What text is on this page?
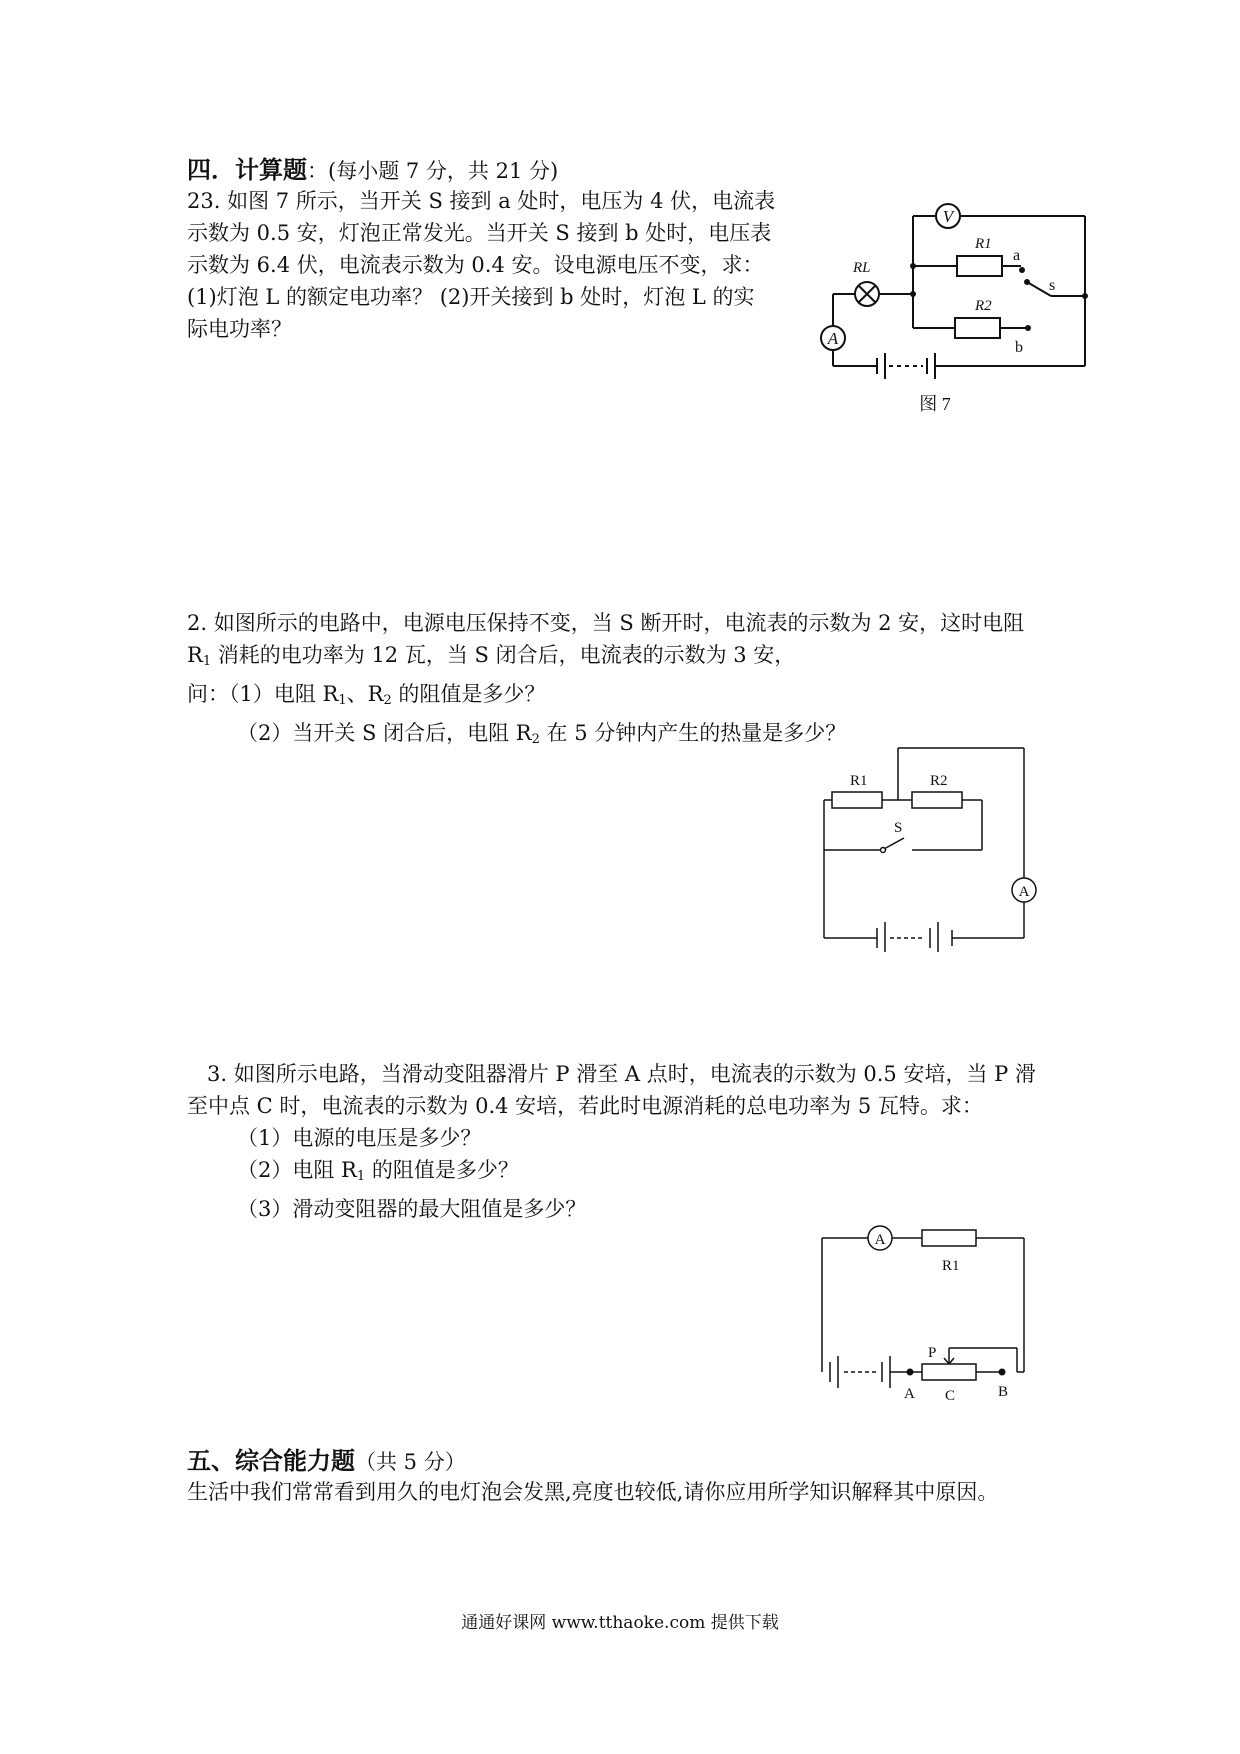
四．计算题：(每小题 7 分，共 21 分)
23. 如图 7 所示，当开关 S 接到 a 处时，电压为 4 伏，电流表
示数为 0.5 安，灯泡正常发光。当开关 S 接到 b 处时，电压表
示数为 6.4 伏，电流表示数为 0.4 安。设电源电压不变，求：
(1)灯泡 L 的额定电功率？ (2)开关接到 b 处时，灯泡 L 的实
际电功率？
V
A
RL
R1
R2
a
b
s
图 7
2. 如图所示的电路中，电源电压保持不变，当 S 断开时，电流表的示数为 2 安，这时电阻
$R_1$ 消耗的电功率为 12 瓦，当 S 闭合后，电流表的示数为 3 安，
问：（1）电阻 $R_1$、$R_2$ 的阻值是多少？
（2）当开关 S 闭合后，电阻 $R_2$ 在 5 分钟内产生的热量是多少？
R1	R2
S
A
3. 如图所示电路，当滑动变阻器滑片 P 滑至 A 点时，电流表的示数为 0.5 安培，当 P 滑
至中点 C 时，电流表的示数为 0.4 安培，若此时电源消耗的总电功率为 5 瓦特。求：
（1）电源的电压是多少？
（2）电阻 $R_1$ 的阻值是多少？
（3）滑动变阻器的最大阻值是多少？
A
R1
P
A C	B
五、综合能力题（共 5 分）
生活中我们常常看到用久的电灯泡会发黑,亮度也较低,请你应用所学知识解释其中原因。
通通好课网 www.tthaoke.com 提供下载
